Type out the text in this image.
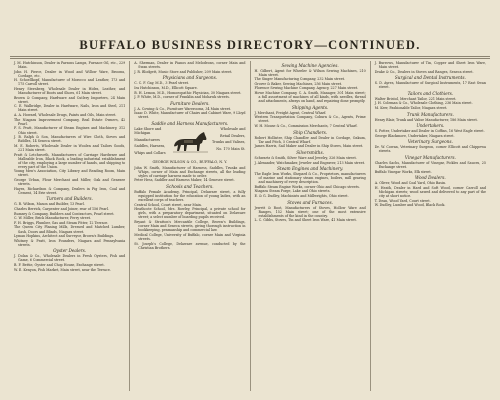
BUFFALO BUSINESS DIRECTORY—CONTINUED.

J. M. Hutchinson, Dealer in Parsons Lamps, Furnace Oil, etc., 229 Main.

John H. Pierce, Dealer in Wood and Willow Ware, Brooms, Cordage, etc.

H. Schoellkopf, Manufacturer of Morocco and Leather, 173 and 175 Carroll street.

Henry Sternberg, Wholesale Dealer in Hides, Leather, and Manufacturer of Boots and Shoes, 61 Main street.

Brown & Company, Hardware and Cutlery Importers, 24 Main street.

C. E. Walbridge, Dealer in Hardware, Nails, Iron and Steel, 211 Main street.

A. A. Howard, Wholesale Drugs, Paints and Oils, Main street.

The Niagara Improvement Company, Real Estate Owners, 42 Pearl.

F. S. Pratt, Manufacturer of Steam Engines and Machinery, 312 Ohio street.

J. B. Ralph & Son, Manufacturers of Wire Cloth, Sieves and Riddles, 14 Seneca street.

M. E. Roberts, Wholesale Dealer in Woolen and Tailors Goods, 221 Main street.

Pratt & Letchworth, Manufacturers of Carriage Hardware and Malleable Iron, Black Rock, a leading industrial establishment of the city, employing a large number of hands, and shipping to every part of the Union.

Young Men's Association, City Library and Reading Room, Main street.

George Urban, Flour Merchant and Miller, Oak and Genesee streets.

Hayes, Richardson & Company, Dealers in Pig Iron, Coal and Cement, 14 Erie street.

Turners and Builders.

G. R. Wilson, Mason and Builder, 13 Pearl.

Charles Berrick, Carpenter and Joiner, rear of 156 Pearl.

Rumsey & Company, Builders and Contractors, Pearl street.

C. W. Miller, Brick Manufacturer, Ferry street.

F. H. Briggs, Plumber, Gas and Steam Fitter, 12 Terrace.

The Queen City Planing Mills, Dressed and Matched Lumber, Sash, Doors and Blinds, Niagara street.

Lyman Hopkins, Architect and Surveyor, Brown's Buildings.

Whitney & Pratt, Iron Founders, Niagara and Pennsylvania streets.

Oyster Dealers.

J. Dolan & Co., Wholesale Dealers in Fresh Oysters, Fish and Game, 6 Commercial street.

B. F. Bettie, Oyster and Chop House, Exchange street.

W. E. Kenyon, Fish Market, Main street, near the Terrace.

A. Sherman, Dealer in Pianos and Melodeons, corner Main and Swan streets.

J. R. Blodgett, Music Store and Publisher, 209 Main street.

Physicians and Surgeons.

C. C. F. Gay, M.D., 3 Pearl street.

Ira Hutchinson, M.D., Ellicott Square.

B. H. Lemon, M.D., Homoeopathic Physician, 30 Niagara street.

J. P. White, M.D., corner of Franklin and Mohawk streets.

Furniture Dealers.

J. A. Cowing & Co., Furniture Warerooms, 34 Main street.

Isaac D. White, Manufacturer of Chairs and Cabinet Ware, 9 Lloyd street.

Saddle and Harness Manufacturers.
Lake Shore and Michigan
Manufacturers
Saddles, Harness,
Whips and Collars
Wholesale and
Retail Dealers,
Trunks and Valises,
No. 170 Main St.
GEORGE WILSON & CO., BUFFALO, N. Y.

John W. Smith, Manufacturer of Harness, Saddles, Trunks and Whips, corner of Main and Exchange streets, all the leading styles of carriage harness made to order.

Peter Hess, Saddler and Harness Maker, 14 Genesee street.

Schools and Teachers.

Buffalo Female Academy, Principal, Delaware street, a fully equipped institution for the education of young ladies, with an excellent corps of teachers.

Central School, Court street, near Main.

Heathcote School, Mrs. Rowley, Principal, a private school for girls, with a preparatory department, situated on Delaware street; a select number of boarding pupils received.

Bryant & Stratton's Mercantile College, Brown's Buildings, corner Main and Seneca streets, giving thorough instruction in bookkeeping, penmanship and commercial law.

Medical College, University of Buffalo, corner Main and Virginia streets.

St. Joseph's College, Delaware avenue, conducted by the Christian Brothers.

Sewing Machine Agencies.

H. Gilbert, Agent for Wheeler & Wilson Sewing Machines, 210 Main street.

The Singer Manufacturing Company, 232 Main street.

Grover & Baker, Sewing Machines, 256 Main street.

Florence Sewing Machine Company, Agency, 227 Main street.

Howe Machine Company, C. A. Smith, Manager, 301 Main street; a full assortment of machines of all kinds, with needles, thread and attachments, always on hand, and repairing done promptly.

Shipping Agents.

J. Merchant, Freight Agent, Central Wharf.

Western Transportation Company, Coburn & Co., Agents, Prime street.

W. H. Mouse & Co., Commission Merchants, 7 Central Wharf.

Ship Chandlers.

Robert Hollister, Ship Chandler and Dealer in Cordage, Oakum, Tar and Pitch, 5 Central Wharf.

James Harris, Sail Maker and Dealer in Ship Stores, Main street.

Silversmiths.

Schwartz & Smith, Silver Ware and Jewelry, 326 Main street.

J. Alexander, Watchmaker, Jeweler and Engraver, 213 Main street.

Steam Engines and Machinery.

The Eagle Iron Works, Shepard & Co., Proprietors, manufacturers of marine and stationary steam engines, boilers, mill gearing and machinery of every description.

Buffalo Steam Engine Works, corner Ohio and Chicago streets.

Niagara Steam Forge, Lake and Ohio streets.

E. & G. Dudley, Machinists and Millwrights, Ohio street.

Stoves and Furnaces.

Jewett & Root, Manufacturers of Stoves, Hollow Ware and Ranges, 152 Main street; one of the most extensive establishments of the kind in the country.

L. C. Gibbs, Stoves, Tin and Sheet Iron Ware, 41 Main street.

J. Burrows, Manufacturer of Tin, Copper and Sheet Iron Ware, Main street.

Drake & Co., Dealers in Stoves and Ranges, Seneca street.

Surgical and Dental Instruments.

S. D. Ayres, Manufacturer of Surgical Instruments, 17 East Swan street.

Tailors and Clothiers.

Walter Bristol, Merchant Tailor, 221 Main street.

J. H. Coleman & Co., Wholesale Clothing, 236 Main street.

M. Kerr, Fashionable Tailor, Niagara street.

Trunk Manufacturers.

Henry Blair, Trunk and Valise Manufacturer, 186 Main street.

Undertakers.

S. Potter, Undertaker and Dealer in Coffins, 16 West Eagle street.

George Blackmore, Undertaker, Niagara street.

Veterinary Surgeons.

Dr. W. Cowan, Veterinary Surgeon, corner Ellicott and Chippewa streets.

Vinegar Manufacturers.

Charles Sachs, Manufacturer of Vinegar, Pickles and Sauces, 25 Exchange street.

Buffalo Vinegar Works, Elk street.

Wood Dealers.

A. Oliver, Wood and Coal Yard, Ohio Basin.

H. Heath, Dealer in Hard and Soft Wood, corner Carroll and Michigan streets; wood sawed and delivered to any part of the city at short notice.

T. Dean, Wood Yard, Court street.

W. Dudley, Lumber and Wood, Black Rock.
